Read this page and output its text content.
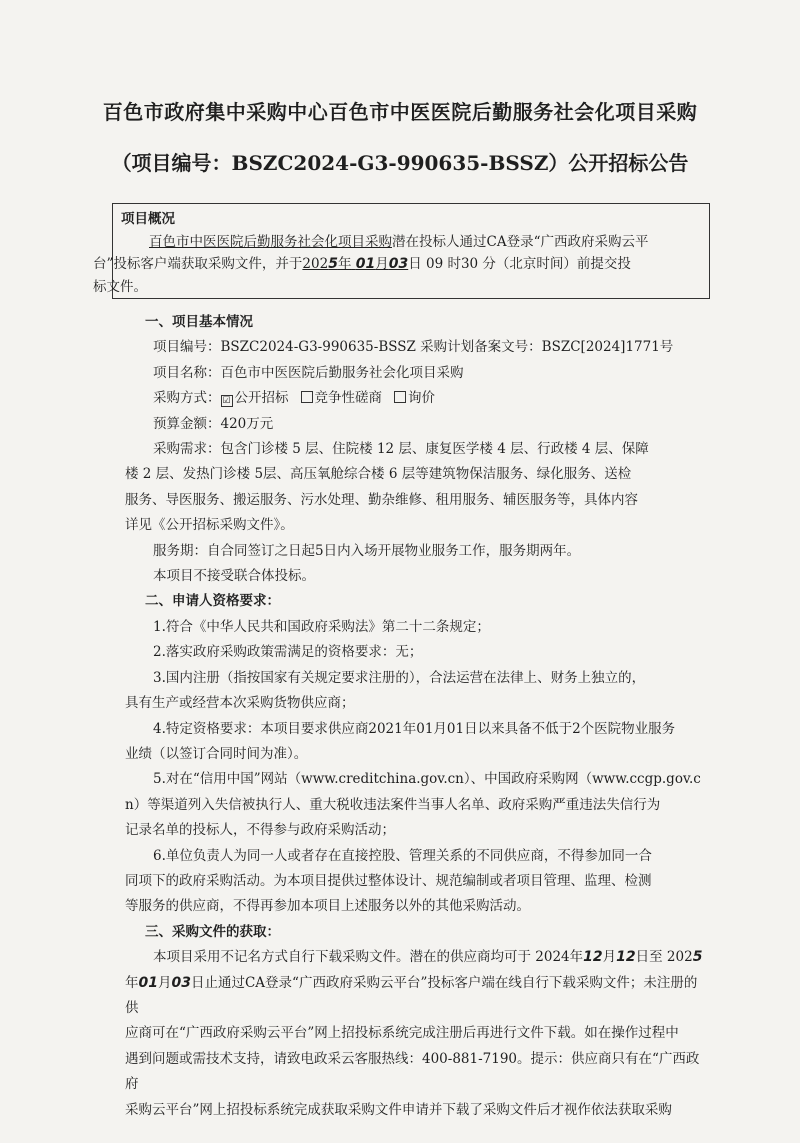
百色市政府集中采购中心百色市中医医院后勤服务社会化项目采购
（项目编号：BSZC2024-G3-990635-BSSZ）公开招标公告
项目概况

百色市中医医院后勤服务社会化项目采购潜在投标人通过CA登录“广西政府采购云平
台”投标客户端获取采购文件，并于2025年 01月03日 09 时30 分（北京时间）前提交投
标文件。

一、项目基本情况
项目编号：BSZC2024-G3-990635-BSSZ 采购计划备案文号：BSZC[2024]1771号
项目名称：百色市中医医院后勤服务社会化项目采购
采购方式： ☑ 公开招标 竞争性磋商 询价
预算金额：420万元
采购需求：包含门诊楼 5 层、住院楼 12 层、康复医学楼 4 层、行政楼 4 层、保障
楼 2 层、发热门诊楼 5层、高压氧舱综合楼 6 层等建筑物保洁服务、绿化服务、送检
服务、导医服务、搬运服务、污水处理、勤杂维修、租用服务、辅医服务等，具体内容
详见《公开招标采购文件》。
服务期：自合同签订之日起5日内入场开展物业服务工作，服务期两年。
本项目不接受联合体投标。
二、申请人资格要求：
1.符合《中华人民共和国政府采购法》第二十二条规定；
2.落实政府采购政策需满足的资格要求：无；
3.国内注册（指按国家有关规定要求注册的），合法运营在法律上、财务上独立的，
具有生产或经营本次采购货物供应商；
4.特定资格要求：本项目要求供应商2021年01月01日以来具备不低于2个医院物业服务
业绩（以签订合同时间为准）。
5.对在“信用中国”网站（www.creditchina.gov.cn）、中国政府采购网（www.ccgp.gov.c
n）等渠道列入失信被执行人、重大税收违法案件当事人名单、政府采购严重违法失信行为
记录名单的投标人，不得参与政府采购活动；
6.单位负责人为同一人或者存在直接控股、管理关系的不同供应商，不得参加同一合
同项下的政府采购活动。为本项目提供过整体设计、规范编制或者项目管理、监理、检测
等服务的供应商，不得再参加本项目上述服务以外的其他采购活动。
三、采购文件的获取：
本项目采用不记名方式自行下载采购文件。潜在的供应商均可于 2024年12月12日至 2025
年01月03日止通过CA登录“广西政府采购云平台”投标客户端在线自行下载采购文件；未注册的供
应商可在“广西政府采购云平台”网上招投标系统完成注册后再进行文件下载。如在操作过程中
遇到问题或需技术支持，请致电政采云客服热线：400-881-7190。提示：供应商只有在“广西政府
采购云平台”网上招投标系统完成获取采购文件申请并下载了采购文件后才视作依法获取采购
